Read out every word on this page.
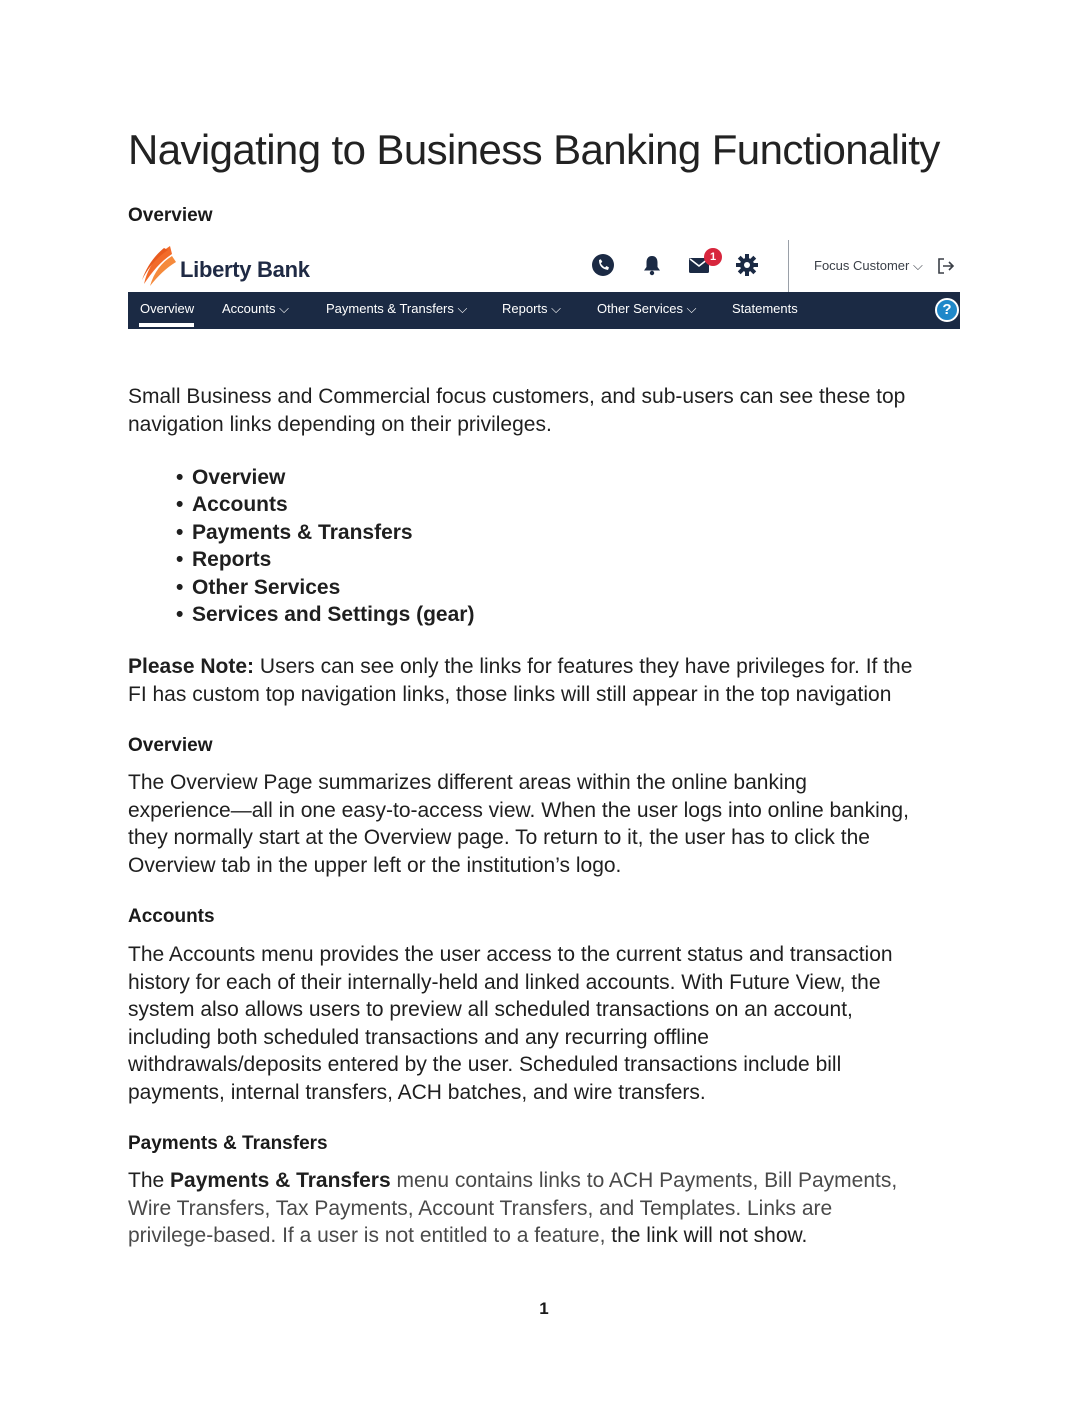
Navigating to Business Banking Functionality
Overview
Liberty Bank	1
Focus Customer ⌵
Overview Accounts ⌵	Payments & Transfers ⌵	Reports ⌵	Other Services ⌵	Statements	?
Small Business and Commercial focus customers, and sub-users can see these top
navigation links depending on their privileges.
• Overview
• Accounts
• Payments & Transfers
• Reports
• Other Services
• Services and Settings (gear)
Please Note: Users can see only the links for features they have privileges for. If the
FI has custom top navigation links, those links will still appear in the top navigation
Overview
The Overview Page summarizes different areas within the online banking
experience—all in one easy-to-access view. When the user logs into online banking,
they normally start at the Overview page. To return to it, the user has to click the
Overview tab in the upper left or the institution’s logo.
Accounts
The Accounts menu provides the user access to the current status and transaction
history for each of their internally-held and linked accounts. With Future View, the
system also allows users to preview all scheduled transactions on an account,
including both scheduled transactions and any recurring offline
withdrawals/deposits entered by the user. Scheduled transactions include bill
payments, internal transfers, ACH batches, and wire transfers.
Payments & Transfers
The Payments & Transfers menu contains links to ACH Payments, Bill Payments,
Wire Transfers, Tax Payments, Account Transfers, and Templates. Links are
privilege-based. If a user is not entitled to a feature, the link will not show.
1
